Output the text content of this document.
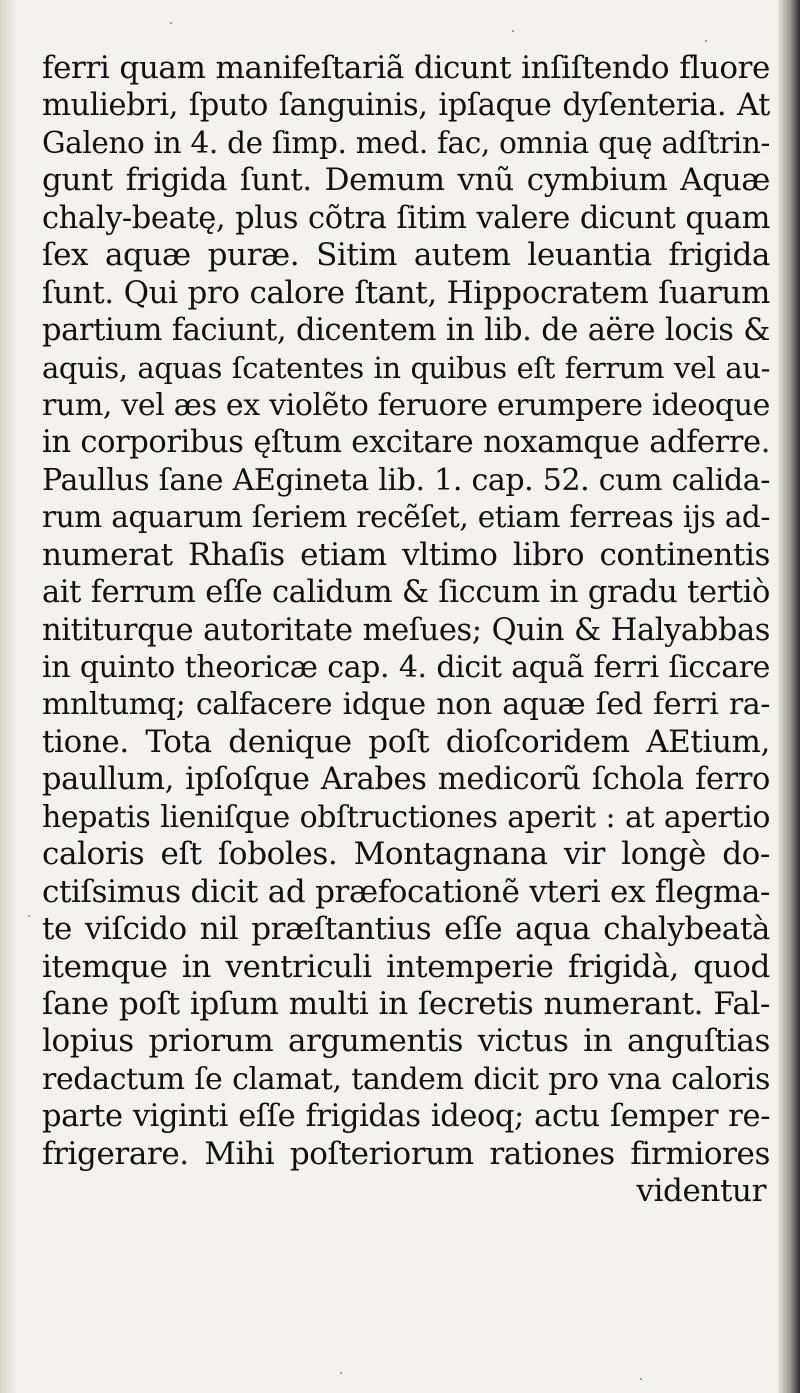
ferri quam manifeſtariã dicunt inſiſtendo fluore
muliebri, ſputo ſanguinis, ipſaque dyſenteria. At
Galeno in 4. de ſimp. med. fac, omnia quę adſtrin-
gunt frigida ſunt. Demum vnũ cymbium Aquæ
chaly-beatę, plus cõtra ſitim valere dicunt quam
ſex aquæ puræ. Sitim autem leuantia frigida
ſunt. Qui pro calore ſtant, Hippocratem ſuarum
partium faciunt, dicentem in lib. de aëre locis &
aquis, aquas ſcatentes in quibus eſt ferrum vel au-
rum, vel æs ex violẽto feruore erumpere ideoque
in corporibus ęſtum excitare noxamque adferre.
Paullus ſane AEgineta lib. 1. cap. 52. cum calida-
rum aquarum ſeriem recẽſet, etiam ferreas ijs ad-
numerat Rhaſis etiam vltimo libro continentis
ait ferrum eſſe calidum & ſiccum in gradu tertiò
nititurque autoritate meſues; Quin & Halyabbas
in quinto theoricæ cap. 4. dicit aquã ferri ſiccare
mnltumq; calfacere idque non aquæ ſed ferri ra-
tione. Tota denique poſt dioſcoridem AEtium,
paullum, ipſoſque Arabes medicorũ ſchola ferro
hepatis lieniſque obſtructiones aperit : at apertio
caloris eſt ſoboles. Montagnana vir longè do-
ctiſsimus dicit ad præfocationẽ vteri ex flegma-
te viſcido nil præſtantius eſſe aqua chalybeatà
itemque in ventriculi intemperie frigidà, quod
ſane poſt ipſum multi in ſecretis numerant. Fal-
lopius priorum argumentis victus in anguſtias
redactum ſe clamat, tandem dicit pro vna caloris
parte viginti eſſe frigidas ideoq; actu ſemper re-
frigerare. Mihi poſteriorum rationes firmiores
videntur
